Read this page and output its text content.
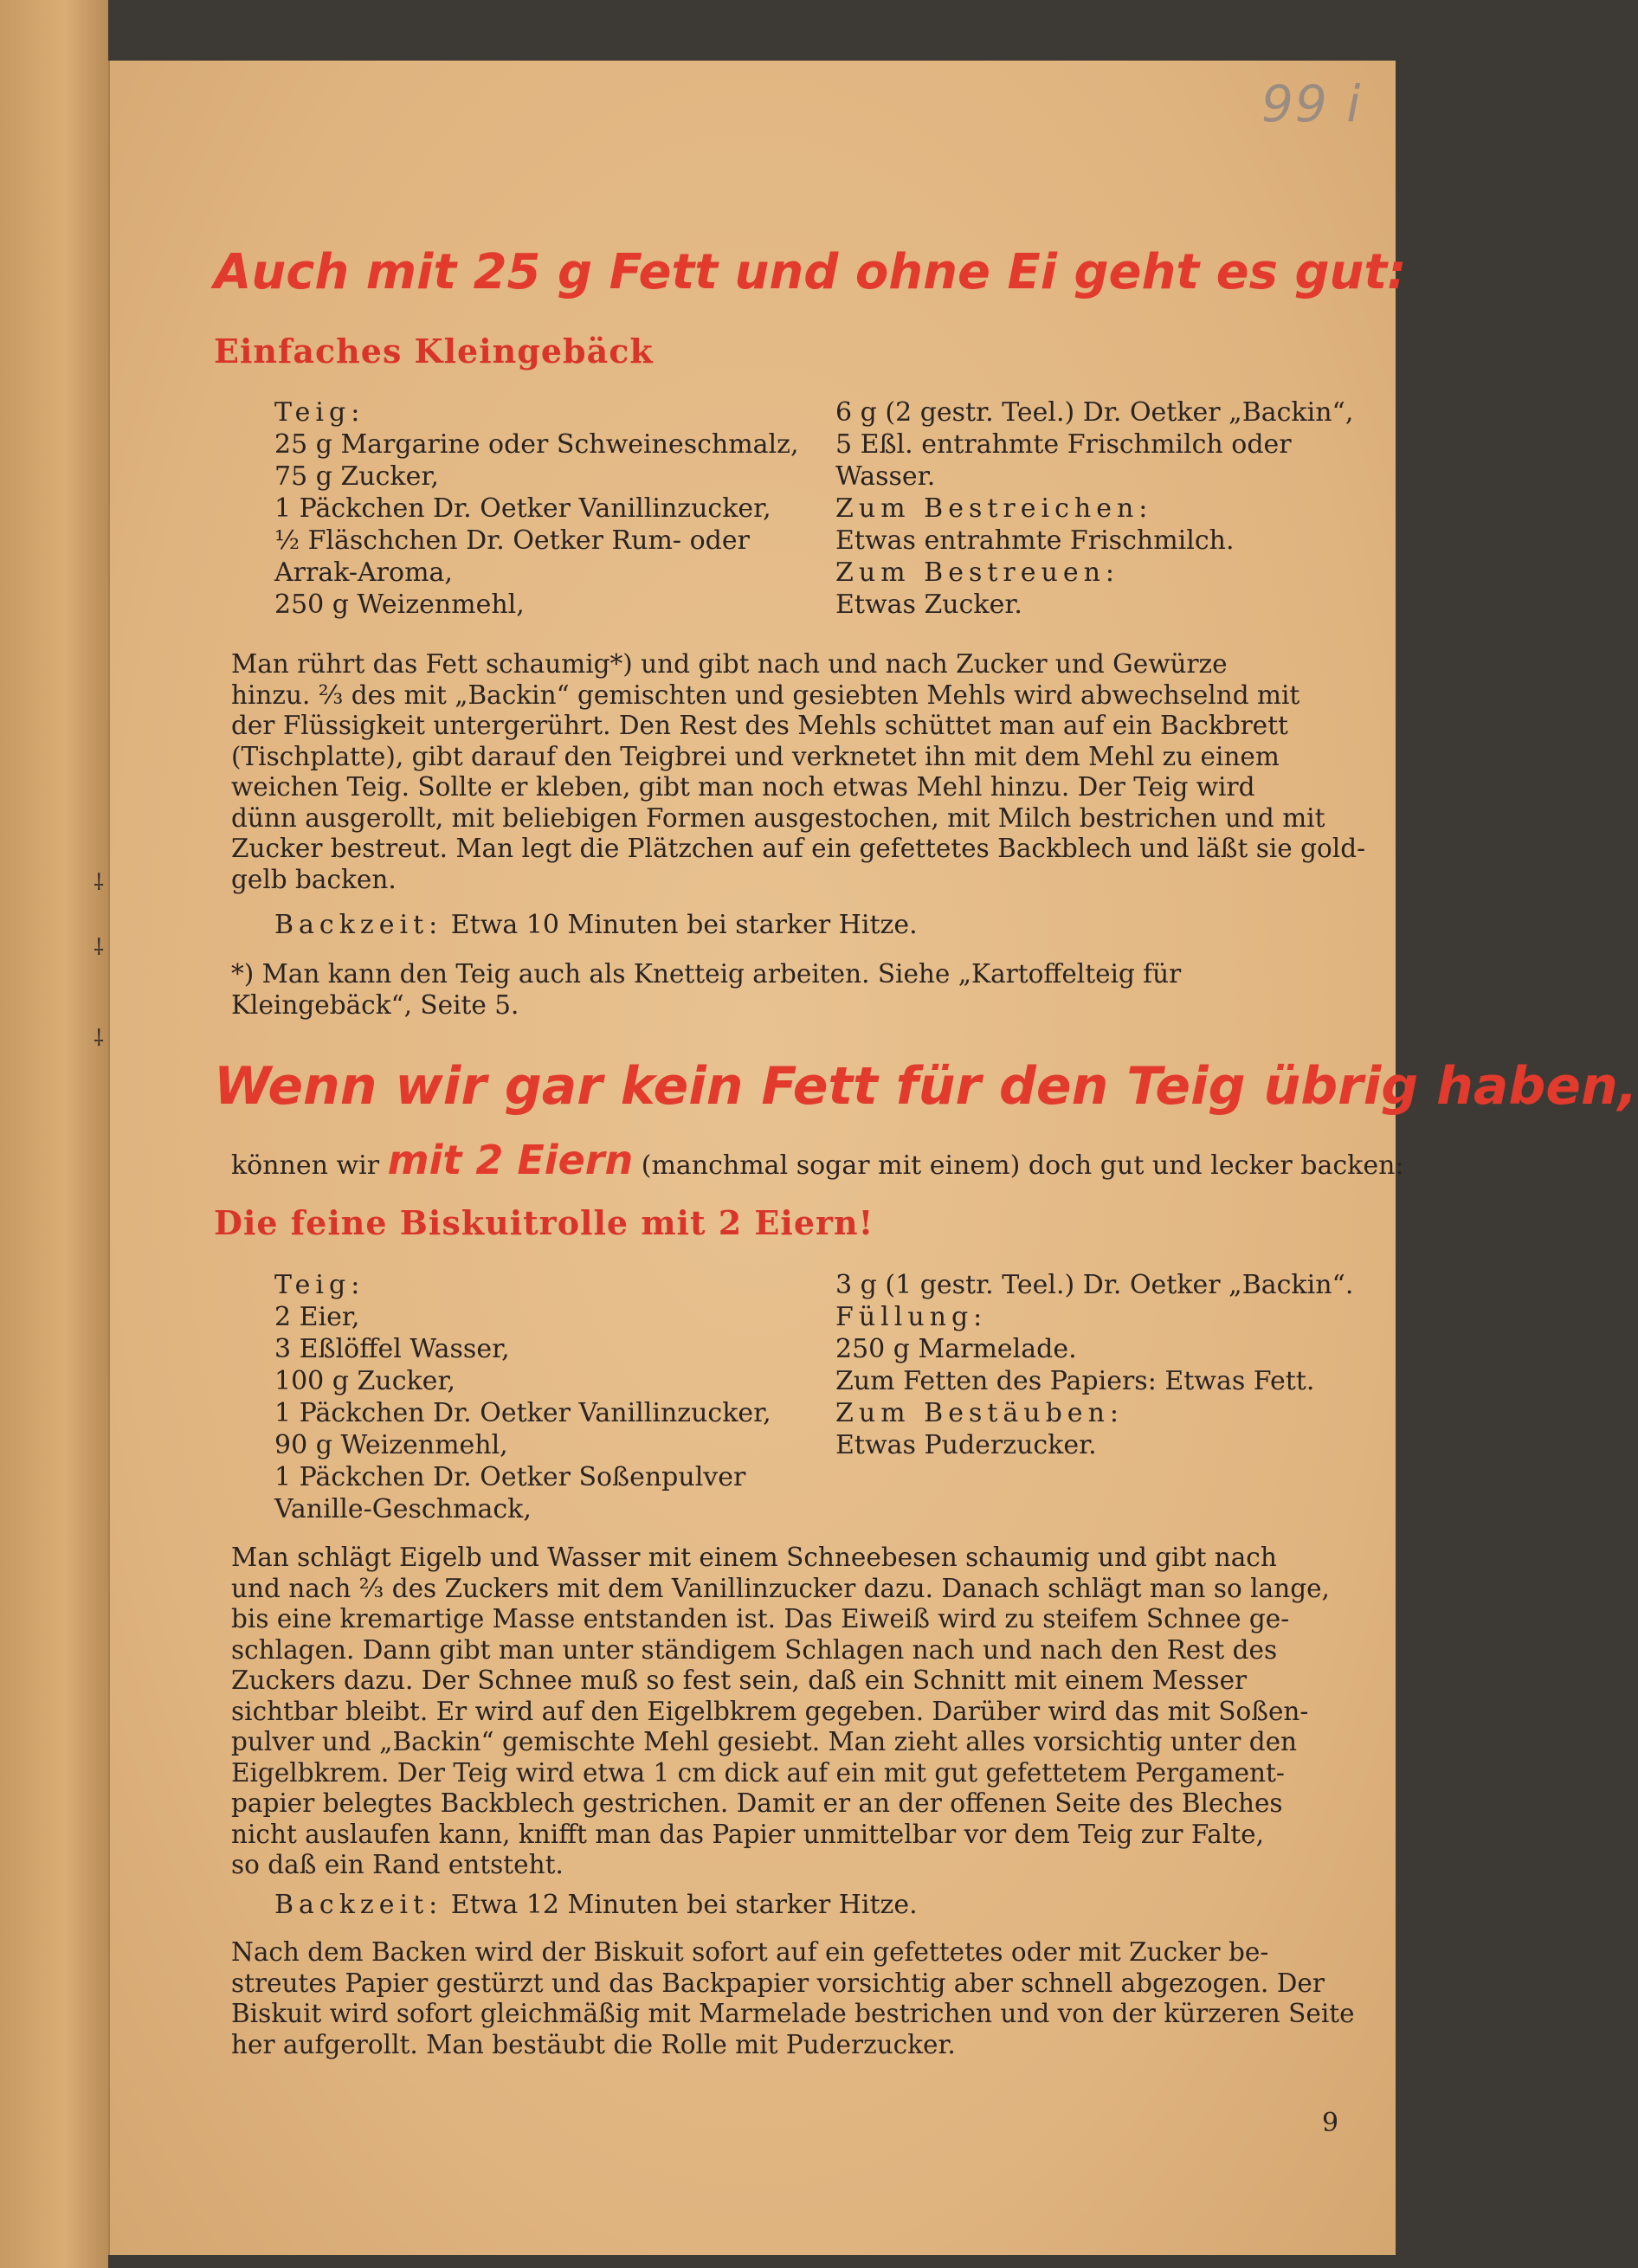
99 i
Auch mit 25 g Fett und ohne Ei geht es gut:
Einfaches Kleingebäck
Teig:
25 g Margarine oder Schweineschmalz,
75 g Zucker,
1 Päckchen Dr. Oetker Vanillinzucker,
½ Fläschchen Dr. Oetker Rum- oder
Arrak-Aroma,
250 g Weizenmehl,
6 g (2 gestr. Teel.) Dr. Oetker „Backin“,
5 Eßl. entrahmte Frischmilch oder
Wasser.
Zum Bestreichen:
Etwas entrahmte Frischmilch.
Zum Bestreuen:
Etwas Zucker.
Man rührt das Fett schaumig*) und gibt nach und nach Zucker und Gewürze
hinzu. ⅔ des mit „Backin“ gemischten und gesiebten Mehls wird abwechselnd mit
der Flüssigkeit untergerührt. Den Rest des Mehls schüttet man auf ein Backbrett
(Tischplatte), gibt darauf den Teigbrei und verknetet ihn mit dem Mehl zu einem
weichen Teig. Sollte er kleben, gibt man noch etwas Mehl hinzu. Der Teig wird
dünn ausgerollt, mit beliebigen Formen ausgestochen, mit Milch bestrichen und mit
Zucker bestreut. Man legt die Plätzchen auf ein gefettetes Backblech und läßt sie gold-
gelb backen.
Backzeit: Etwa 10 Minuten bei starker Hitze.
*) Man kann den Teig auch als Knetteig arbeiten. Siehe „Kartoffelteig für
Kleingebäck“, Seite 5.
Wenn wir gar kein Fett für den Teig übrig haben,
können wir mit 2 Eiern (manchmal sogar mit einem) doch gut und lecker backen:
Die feine Biskuitrolle mit 2 Eiern!
Teig:
2 Eier,
3 Eßlöffel Wasser,
100 g Zucker,
1 Päckchen Dr. Oetker Vanillinzucker,
90 g Weizenmehl,
1 Päckchen Dr. Oetker Soßenpulver
Vanille-Geschmack,
3 g (1 gestr. Teel.) Dr. Oetker „Backin“.
Füllung:
250 g Marmelade.
Zum Fetten des Papiers: Etwas Fett.
Zum Bestäuben:
Etwas Puderzucker.
Man schlägt Eigelb und Wasser mit einem Schneebesen schaumig und gibt nach
und nach ⅔ des Zuckers mit dem Vanillinzucker dazu. Danach schlägt man so lange,
bis eine kremartige Masse entstanden ist. Das Eiweiß wird zu steifem Schnee ge-
schlagen. Dann gibt man unter ständigem Schlagen nach und nach den Rest des
Zuckers dazu. Der Schnee muß so fest sein, daß ein Schnitt mit einem Messer
sichtbar bleibt. Er wird auf den Eigelbkrem gegeben. Darüber wird das mit Soßen-
pulver und „Backin“ gemischte Mehl gesiebt. Man zieht alles vorsichtig unter den
Eigelbkrem. Der Teig wird etwa 1 cm dick auf ein mit gut gefettetem Pergament-
papier belegtes Backblech gestrichen. Damit er an der offenen Seite des Bleches
nicht auslaufen kann, knifft man das Papier unmittelbar vor dem Teig zur Falte,
so daß ein Rand entsteht.
Backzeit: Etwa 12 Minuten bei starker Hitze.
Nach dem Backen wird der Biskuit sofort auf ein gefettetes oder mit Zucker be-
streutes Papier gestürzt und das Backpapier vorsichtig aber schnell abgezogen. Der
Biskuit wird sofort gleichmäßig mit Marmelade bestrichen und von der kürzeren Seite
her aufgerollt. Man bestäubt die Rolle mit Puderzucker.
9
⸸
⸸
⸸
